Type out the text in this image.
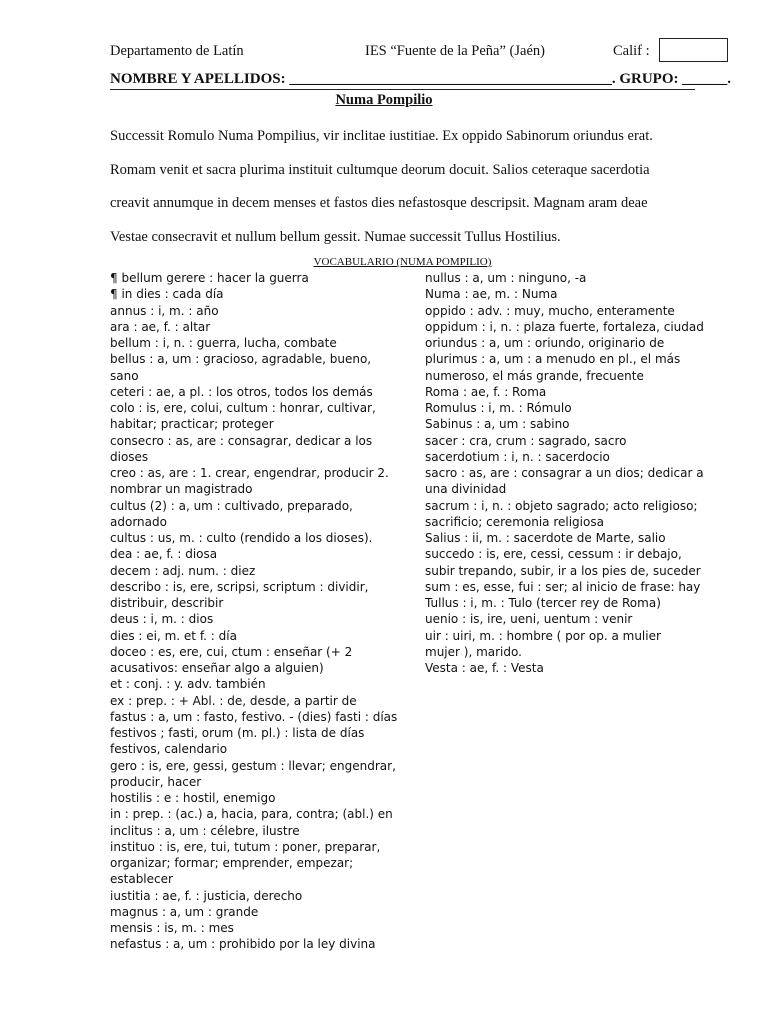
Departamento de Latín	IES “Fuente de la Peña” (Jaén)	Calif :
NOMBRE Y APELLIDOS: ___________________________________________. GRUPO: ______.
Numa Pompilio

Successit Romulo Numa Pompilius, vir inclitae iustitiae. Ex oppido Sabinorum oriundus erat.

Romam venit et sacra plurima instituit cultumque deorum docuit. Salios ceteraque sacerdotia

creavit annumque in decem menses et fastos dies nefastosque descripsit. Magnam aram deae

Vestae consecravit et nullum bellum gessit. Numae successit Tullus Hostilius.

VOCABULARIO (NUMA POMPILIO)
¶ bellum gerere : hacer la guerra
¶ in dies : cada día
annus : i, m. : año
ara : ae, f. : altar
bellum : i, n. : guerra, lucha, combate
bellus : a, um : gracioso, agradable, bueno,
sano
ceteri : ae, a pl. : los otros, todos los demás
colo : is, ere, colui, cultum : honrar, cultivar,
habitar; practicar; proteger
consecro : as, are : consagrar, dedicar a los
dioses
creo : as, are : 1. crear, engendrar, producir 2.
nombrar un magistrado
cultus (2) : a, um : cultivado, preparado,
adornado
cultus : us, m. : culto (rendido a los dioses).
dea : ae, f. : diosa
decem : adj. num. : diez
describo : is, ere, scripsi, scriptum : dividir,
distribuir, describir
deus : i, m. : dios
dies : ei, m. et f. : día
doceo : es, ere, cui, ctum : enseñar (+ 2
acusativos: enseñar algo a alguien)
et : conj. : y. adv. también
ex : prep. : + Abl. : de, desde, a partir de
fastus : a, um : fasto, festivo. - (dies) fasti : días
festivos ; fasti, orum (m. pl.) : lista de días
festivos, calendario
gero : is, ere, gessi, gestum : llevar; engendrar,
producir, hacer
hostilis : e : hostil, enemigo
in : prep. : (ac.) a, hacia, para, contra; (abl.) en
inclitus : a, um : célebre, ilustre
instituo : is, ere, tui, tutum : poner, preparar,
organizar; formar; emprender, empezar;
establecer
iustitia : ae, f. : justicia, derecho
magnus : a, um : grande
mensis : is, m. : mes
nefastus : a, um : prohibido por la ley divina
nullus : a, um : ninguno, -a
Numa : ae, m. : Numa
oppido : adv. : muy, mucho, enteramente
oppidum : i, n. : plaza fuerte, fortaleza, ciudad
oriundus : a, um : oriundo, originario de
plurimus : a, um : a menudo en pl., el más
numeroso, el más grande, frecuente
Roma : ae, f. : Roma
Romulus : i, m. : Rómulo
Sabinus : a, um : sabino
sacer : cra, crum : sagrado, sacro
sacerdotium : i, n. : sacerdocio
sacro : as, are : consagrar a un dios; dedicar a
una divinidad
sacrum : i, n. : objeto sagrado; acto religioso;
sacrificio; ceremonia religiosa
Salius : ii, m. : sacerdote de Marte, salio
succedo : is, ere, cessi, cessum : ir debajo,
subir trepando, subir, ir a los pies de, suceder
sum : es, esse, fui : ser; al inicio de frase: hay
Tullus : i, m. : Tulo (tercer rey de Roma)
uenio : is, ire, ueni, uentum : venir
uir : uiri, m. : hombre ( por op. a mulier
mujer ), marido.
Vesta : ae, f. : Vesta
